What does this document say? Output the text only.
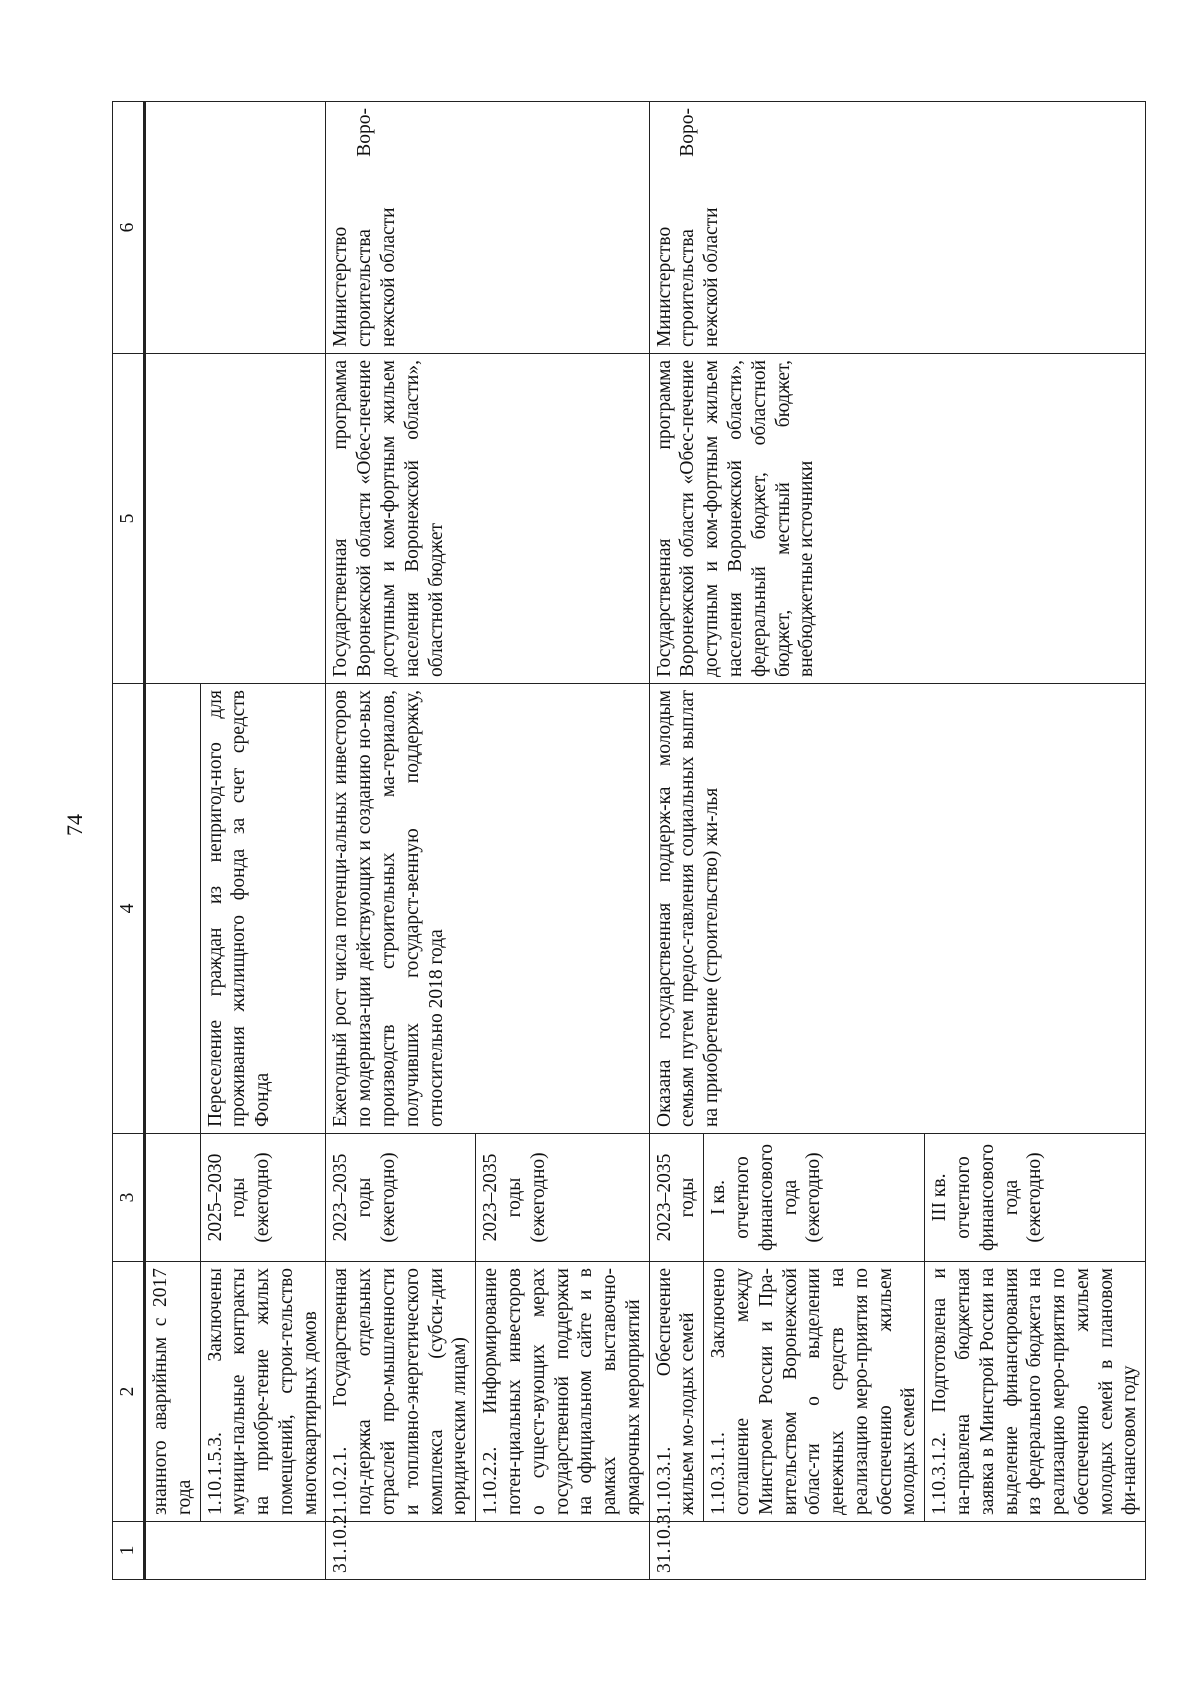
74
1	2	3	4	5	6
	знанного аварийным с 2017 года				
	1.10.1.5.3. Заключены муници-пальные контракты на приобре-тение жилых помещений, строи-тельство многоквартирных домов	2025–2030 годы (ежегодно)	Переселение граждан из непригод-ного для проживания жилищного фонда за счет средств Фонда		
31.10.2	1.10.2.1. Государственная под-держка отдельных отраслей про-мышленности и топливно-энергетического комплекса (субси-дии юридическим лицам)	2023–2035 годы (ежегодно)	Ежегодный рост числа потенци-альных инвесторов по модерниза-ции действующих и созданию но-вых производств строительных ма-териалов, получивших государст-венную поддержку, относительно 2018 года	Государственная программа Воронежской области «Обес-печение доступным и ком-фортным жильем населения Воронежской области», областной бюджет	Министерство строительства Воро-нежской области
	1.10.2.2. Информирование потен-циальных инвесторов о сущест-вующих мерах государственной поддержки на официальном сайте и в рамках выставочно-ярмарочных мероприятий	2023–2035 годы (ежегодно)			
31.10.3	1.10.3.1. Обеспечение жильем мо-лодых семей	2023–2035 годы	Оказана государственная поддерж-ка молодым семьям путем предос-тавления социальных выплат на приобретение (строительство) жи-лья	Государственная программа Воронежской области «Обес-печение доступным и ком-фортным жильем населения Воронежской области», федеральный бюджет, областной бюджет, местный бюджет, внебюджетные источники	Министерство строительства Воро-нежской области
	1.10.3.1.1. Заключено соглашение между Минстроем России и Пра-вительством Воронежской облас-ти о выделении денежных средств на реализацию меро-приятия по обеспечению жильем молодых семей	I кв. отчетного финансового года (ежегодно)			
	1.10.3.1.2. Подготовлена и на-правлена бюджетная заявка в Минстрой России на выделение финансирования из федерального бюджета на реализацию меро-приятия по обеспечению жильем молодых семей в плановом фи-нансовом году	III кв. отчетного финансового года (ежегодно)			
